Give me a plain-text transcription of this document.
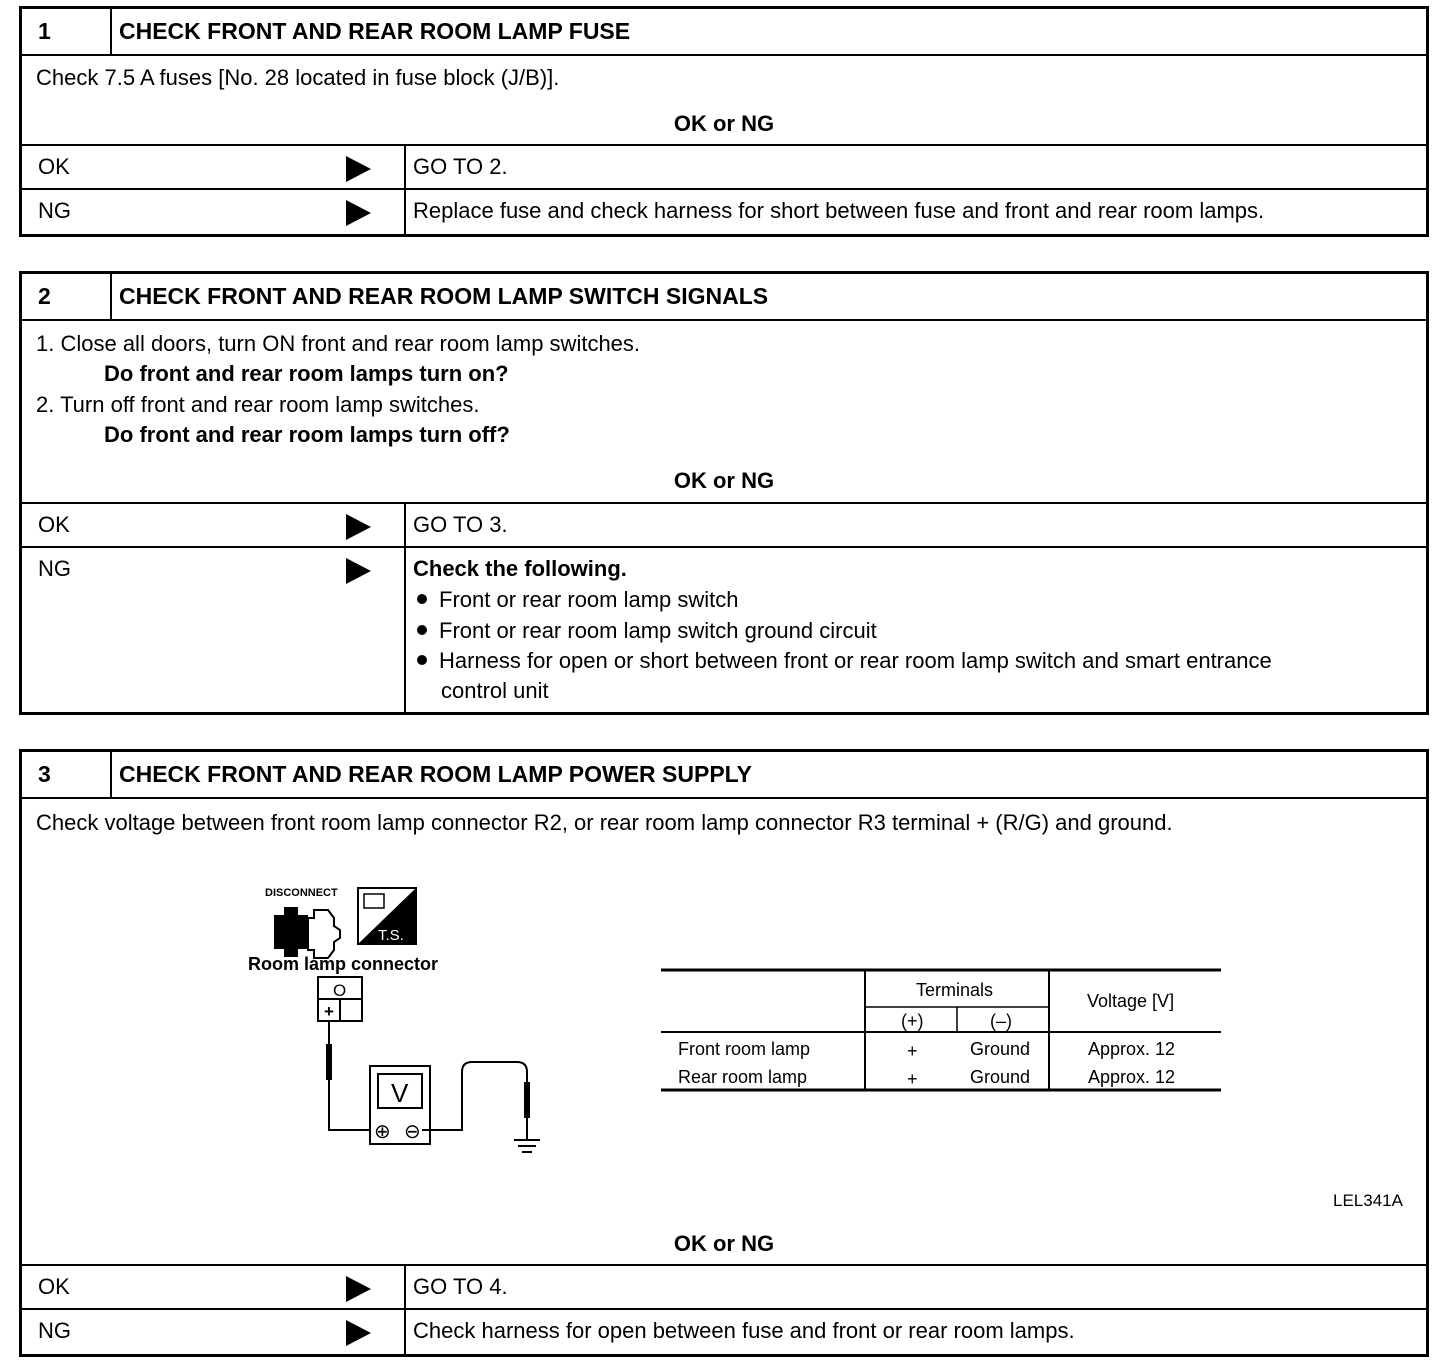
1	CHECK FRONT AND REAR ROOM LAMP FUSE
Check 7.5 A fuses [No. 28 located in fuse block (J/B)].
OK or NG
OK	GO TO 2.
NG	Replace fuse and check harness for short between fuse and front and rear room lamps.
2	CHECK FRONT AND REAR ROOM LAMP SWITCH SIGNALS
1. Close all doors, turn ON front and rear room lamp switches.
Do front and rear room lamps turn on?
2. Turn off front and rear room lamp switches.
Do front and rear room lamps turn off?
OK or NG
OK	GO TO 3.
NG	Check the following.
Front or rear room lamp switch
Front or rear room lamp switch ground circuit
Harness for open or short between front or rear room lamp switch and smart entrance
control unit
3	CHECK FRONT AND REAR ROOM LAMP POWER SUPPLY
Check voltage between front room lamp connector R2, or rear room lamp connector R3 terminal + (R/G) and ground.
DISCONNECT
T.S.
Room lamp connector
O
+
V
⊕ ⊖
Terminals
(+)	(–)
Voltage [V]
Front room lamp	+	Ground	Approx. 12
Rear room lamp	+	Ground	Approx. 12
LEL341A
OK or NG
OK	GO TO 4.
NG	Check harness for open between fuse and front or rear room lamps.
